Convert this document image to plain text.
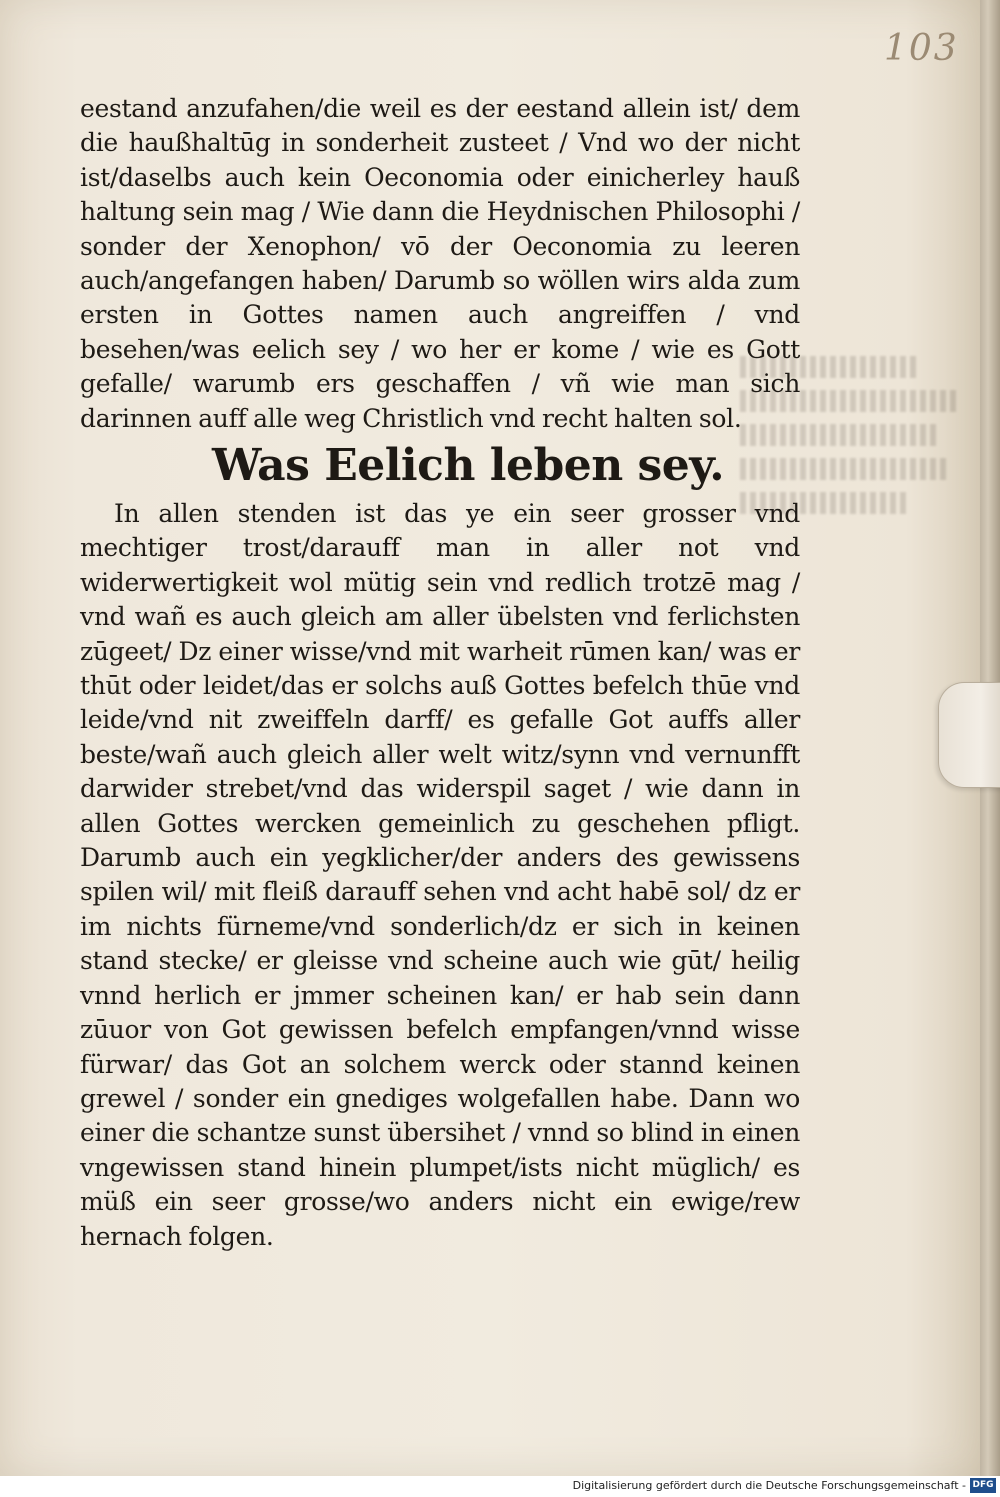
103

eestand anzufahen/die weil es der eestand allein ist/ dem die haußhaltūg in sonderheit zusteet / Vnd wo der nicht ist/daselbs auch kein Oeconomia oder einicherley hauß haltung sein mag / Wie dann die Heydnischen Philosophi / sonder der Xenophon/ vō der Oeconomia zu leeren auch/angefangen haben/ Darumb so wöllen wirs alda zum ersten in Gottes namen auch angreiffen / vnd besehen/was eelich sey / wo her er kome / wie es Gott gefalle/ warumb ers geschaffen / vñ wie man sich darinnen auff alle weg Christlich vnd recht halten sol.

Was Eelich leben sey.

In allen stenden ist das ye ein seer grosser vnd mechtiger trost/darauff man in aller not vnd widerwertigkeit wol mütig sein vnd redlich trotzē mag / vnd wañ es auch gleich am aller übelsten vnd ferlichsten zūgeet/ Dz einer wisse/vnd mit warheit rūmen kan/ was er thūt oder leidet/das er solchs auß Gottes befelch thūe vnd leide/vnd nit zweiffeln darff/ es gefalle Got auffs aller beste/wañ auch gleich aller welt witz/synn vnd vernunfft darwider strebet/vnd das widerspil saget / wie dann in allen Gottes wercken gemeinlich zu geschehen pfligt. Darumb auch ein yegklicher/der anders des gewissens spilen wil/ mit fleiß darauff sehen vnd acht habē sol/ dz er im nichts fürneme/vnd sonderlich/dz er sich in keinen stand stecke/ er gleisse vnd scheine auch wie gūt/ heilig vnnd herlich er jmmer scheinen kan/ er hab sein dann zūuor von Got gewissen befelch empfangen/vnnd wisse fürwar/ das Got an solchem werck oder stannd keinen grewel / sonder ein gnediges wolgefallen habe. Dann wo einer die schantze sunst übersihet / vnnd so blind in einen vngewissen stand hinein plumpet/ists nicht müglich/ es müß ein seer grosse/wo anders nicht ein ewige/rew hernach folgen.

Digitalisierung gefördert durch die Deutsche Forschungsgemeinschaft - DFG
